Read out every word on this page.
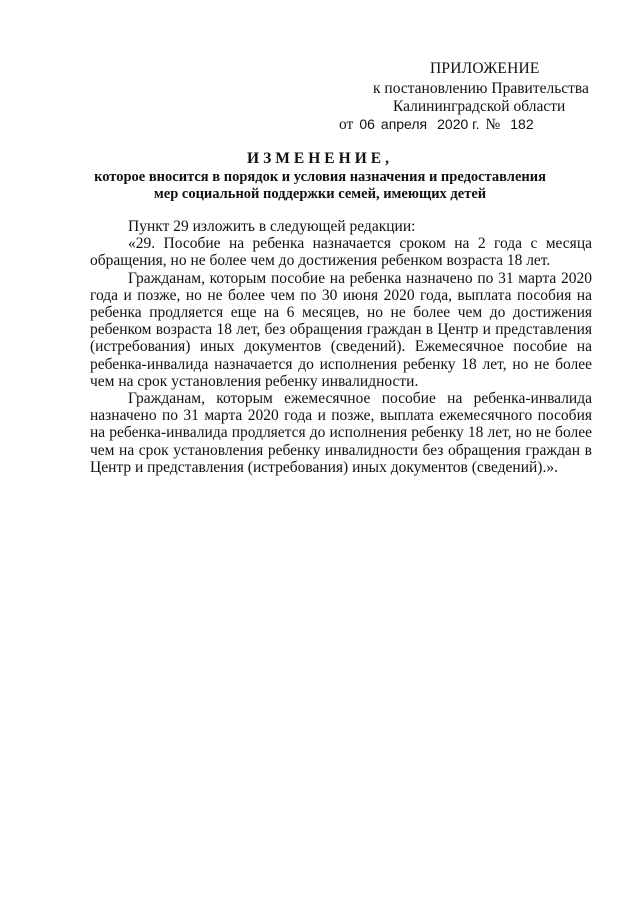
ПРИЛОЖЕНИЕ
к постановлению Правительства
Калининградской области
от 06 апреля 2020 г. № 182
ИЗМЕНЕНИЕ,
которое вносится в порядок и условия назначения и предоставления
мер социальной поддержки семей, имеющих детей

Пункт 29 изложить в следующей редакции:

«29. Пособие на ребенка назначается сроком на 2 года с месяца обращения, но не более чем до достижения ребенком возраста 18 лет.

Гражданам, которым пособие на ребенка назначено по 31 марта 2020 года и позже, но не более чем по 30 июня 2020 года, выплата пособия на ребенка продляется еще на 6 месяцев, но не более чем до достижения ребенком возраста 18 лет, без обращения граждан в Центр и представления (истребования) иных документов (сведений). Ежемесячное пособие на ребенка-инвалида назначается до исполнения ребенку 18 лет, но не более чем на срок установления ребенку инвалидности.

Гражданам, которым ежемесячное пособие на ребенка-инвалида назначено по 31 марта 2020 года и позже, выплата ежемесячного пособия на ребенка-инвалида продляется до исполнения ребенку 18 лет, но не более чем на срок установления ребенку инвалидности без обращения граждан в Центр и представления (истребования) иных документов (сведений).».
